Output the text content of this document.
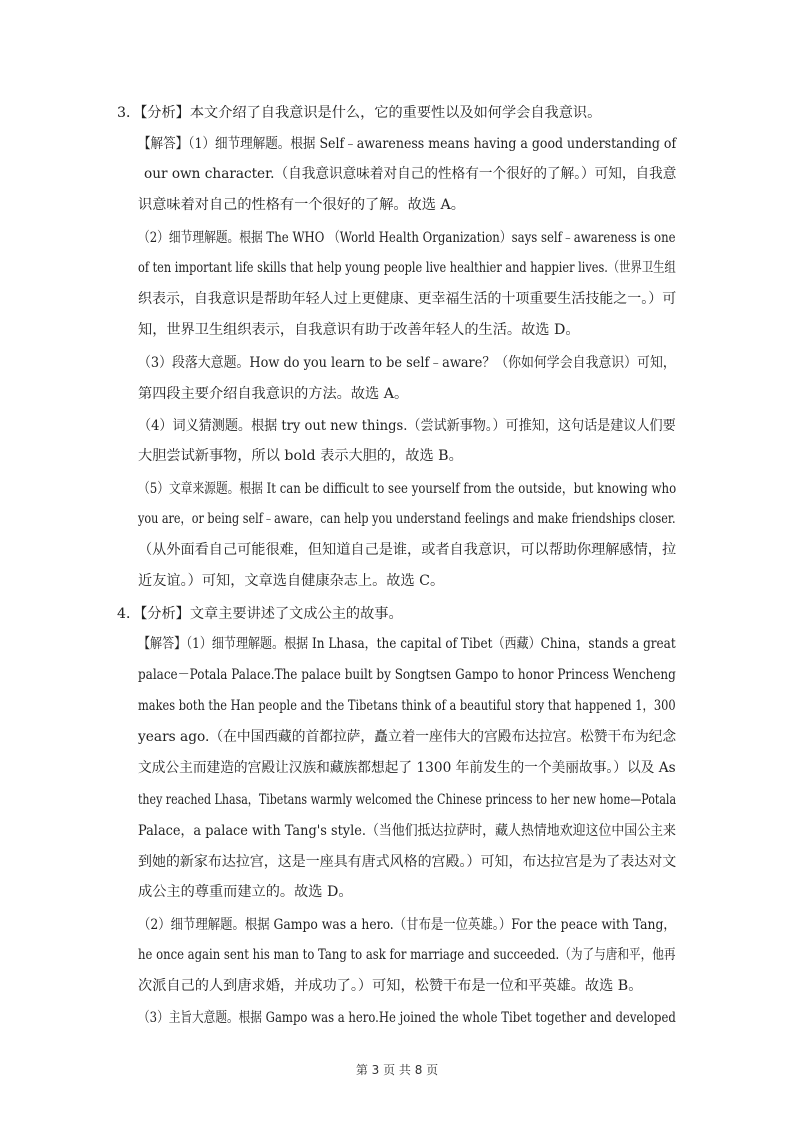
3．【分析】本文介绍了自我意识是什么，它的重要性以及如何学会自我意识。
【解答】（1）细节理解题。根据 Self﹣awareness means having a good understanding of
our own character.（自我意识意味着对自己的性格有一个很好的了解。）可知，自我意
识意味着对自己的性格有一个很好的了解。故选 A。
（2）细节理解题。根据 The WHO （World Health Organization）says self﹣awareness is one
of ten important life skills that help young people live healthier and happier lives.（世界卫生组
织表示，自我意识是帮助年轻人过上更健康、更幸福生活的十项重要生活技能之一。）可
知，世界卫生组织表示，自我意识有助于改善年轻人的生活。故选 D。
（3）段落大意题。How do you learn to be self﹣aware？（你如何学会自我意识）可知，
第四段主要介绍自我意识的方法。故选 A。
（4）词义猜测题。根据 try out new things.（尝试新事物。）可推知，这句话是建议人们要
大胆尝试新事物，所以 bold 表示大胆的，故选 B。
（5）文章来源题。根据 It can be difficult to see yourself from the outside，but knowing who
you are，or being self﹣aware，can help you understand feelings and make friendships closer.
（从外面看自己可能很难，但知道自己是谁，或者自我意识，可以帮助你理解感情，拉
近友谊。）可知，文章选自健康杂志上。故选 C。
4．【分析】文章主要讲述了文成公主的故事。
【解答】（1）细节理解题。根据 In Lhasa，the capital of Tibet（西藏）China，stands a great
palace－Potala Palace.The palace built by Songtsen Gampo to honor Princess Wencheng
makes both the Han people and the Tibetans think of a beautiful story that happened 1，300
years ago.（在中国西藏的首都拉萨，矗立着一座伟大的宫殿布达拉宫。松赞干布为纪念
文成公主而建造的宫殿让汉族和藏族都想起了 1300 年前发生的一个美丽故事。）以及 As
they reached Lhasa，Tibetans warmly welcomed the Chinese princess to her new home—Potala
Palace，a palace with Tang's style.（当他们抵达拉萨时，藏人热情地欢迎这位中国公主来
到她的新家布达拉宫，这是一座具有唐式风格的宫殿。）可知，布达拉宫是为了表达对文
成公主的尊重而建立的。故选 D。
（2）细节理解题。根据 Gampo was a hero.（甘布是一位英雄。）For the peace with Tang，
he once again sent his man to Tang to ask for marriage and succeeded.（为了与唐和平，他再
次派自己的人到唐求婚，并成功了。）可知，松赞干布是一位和平英雄。故选 B。
（3）主旨大意题。根据 Gampo was a hero.He joined the whole Tibet together and developed
第 3 页 共 8 页
